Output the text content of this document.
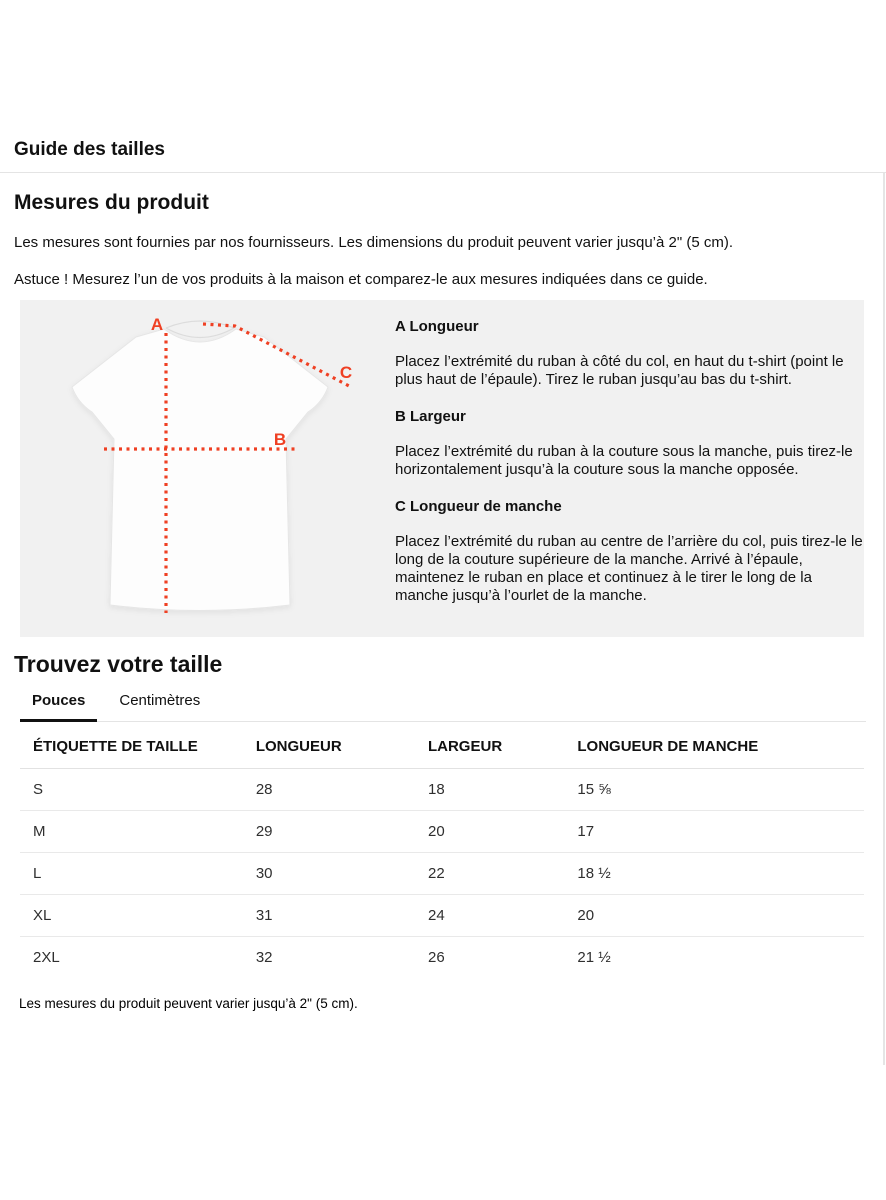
Guide des tailles
Mesures du produit

Les mesures sont fournies par nos fournisseurs. Les dimensions du produit peuvent varier jusqu’à 2" (5 cm).

Astuce ! Mesurez l’un de vos produits à la maison et comparez-le aux mesures indiquées dans ce guide.

A
B
C
A Longueur

Placez l’extrémité du ruban à côté du col, en haut du t-shirt (point le plus haut de l’épaule). Tirez le ruban jusqu’au bas du t-shirt.

B Largeur

Placez l’extrémité du ruban à la couture sous la manche, puis tirez-le horizontalement jusqu’à la couture sous la manche opposée.

C Longueur de manche

Placez l’extrémité du ruban au centre de l’arrière du col, puis tirez-le le long de la couture supérieure de la manche. Arrivé à l’épaule, maintenez le ruban en place et continuez à le tirer le long de la manche jusqu’à l’ourlet de la manche.

Trouvez votre taille
Pouces	Centimètres
ÉTIQUETTE DE TAILLE	LONGUEUR	LARGEUR	LONGUEUR DE MANCHE
S	28	18	15 ⅝
M	29	20	17
L	30	22	18 ½
XL	31	24	20
2XL	32	26	21 ½

Les mesures du produit peuvent varier jusqu’à 2" (5 cm).
